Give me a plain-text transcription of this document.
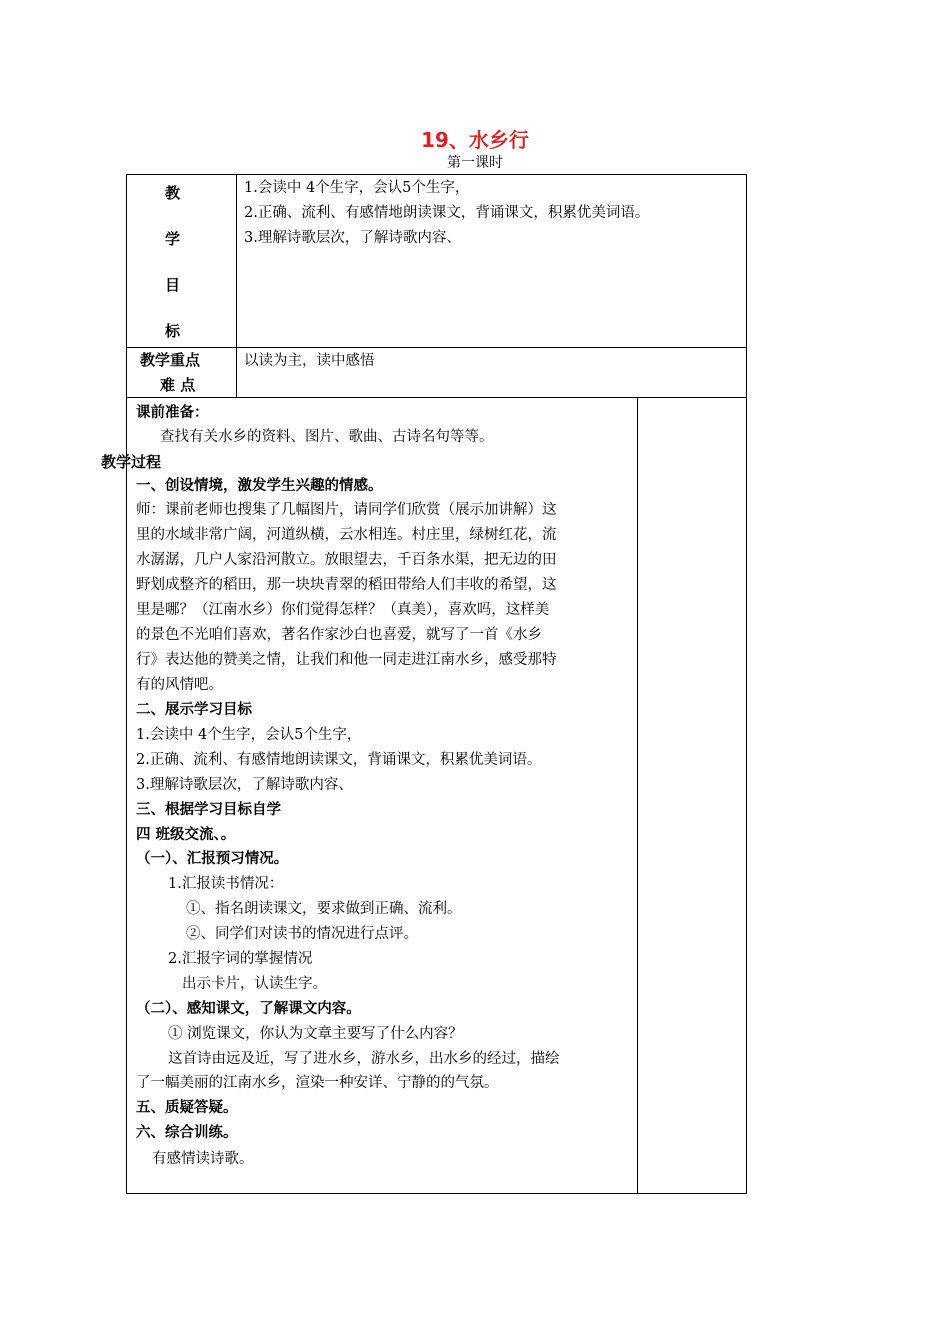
19、水乡行
第一课时
教
学
目
标
1.会读中 4个生字，会认5个生字，
2.正确、流利、有感情地朗读课文，背诵课文，积累优美词语。
3.理解诗歌层次，了解诗歌内容、
教学重点
难 点
以读为主，读中感悟
教学过程
课前准备：
查找有关水乡的资料、图片、歌曲、古诗名句等等。
一、创设情境，激发学生兴趣的情感。
师：课前老师也搜集了几幅图片，请同学们欣赏（展示加讲解）这
里的水域非常广阔，河道纵横，云水相连。村庄里，绿树红花，流
水潺潺，几户人家沿河散立。放眼望去，千百条水渠，把无边的田
野划成整齐的稻田，那一块块青翠的稻田带给人们丰收的希望，这
里是哪？（江南水乡）你们觉得怎样？（真美），喜欢吗，这样美
的景色不光咱们喜欢，著名作家沙白也喜爱，就写了一首《水乡
行》表达他的赞美之情，让我们和他一同走进江南水乡，感受那特
有的风情吧。
二、展示学习目标
1.会读中 4个生字，会认5个生字，
2.正确、流利、有感情地朗读课文，背诵课文，积累优美词语。
3.理解诗歌层次，了解诗歌内容、
三、根据学习目标自学
四 班级交流、。
（一）、汇报预习情况。
1.汇报读书情况：
①、指名朗读课文，要求做到正确、流利。
②、同学们对读书的情况进行点评。
2.汇报字词的掌握情况
出示卡片，认读生字。
（二）、感知课文，了解课文内容。
① 浏览课文，你认为文章主要写了什么内容？
这首诗由远及近，写了进水乡，游水乡，出水乡的经过，描绘
了一幅美丽的江南水乡，渲染一种安详、宁静的的气氛。
五、质疑答疑。
六、综合训练。
有感情读诗歌。
